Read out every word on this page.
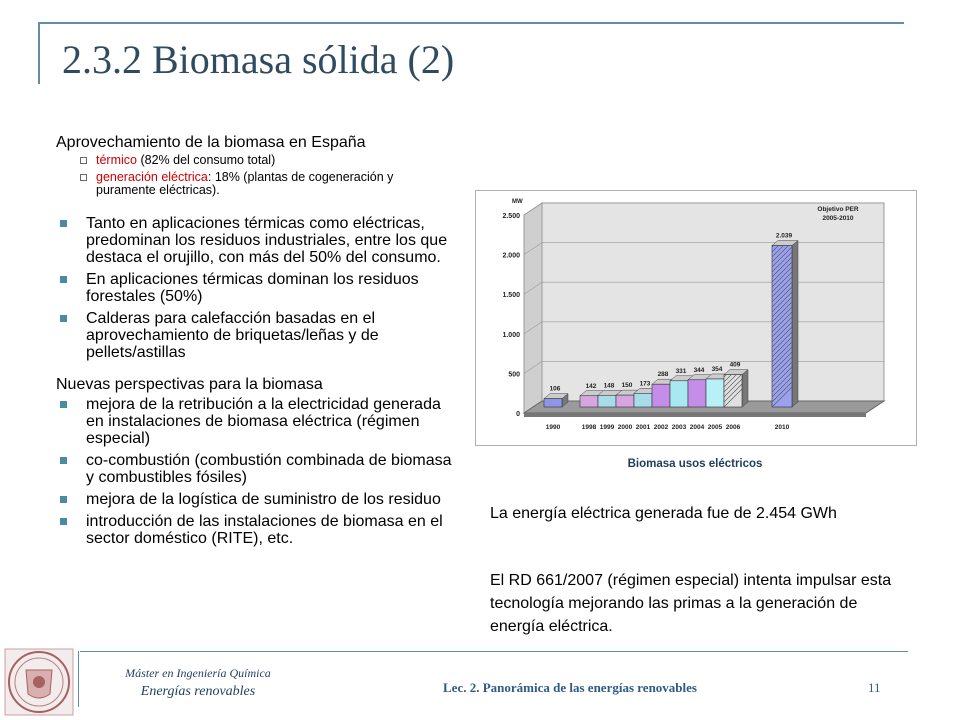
2.3.2 Biomasa sólida (2)
Aprovechamiento de la biomasa en España
térmico (82% del consumo total)
generación eléctrica: 18% (plantas de cogeneración y puramente eléctricas).
Tanto en aplicaciones térmicas como eléctricas, predominan los residuos industriales, entre los que destaca el orujillo, con más del 50% del consumo.
En aplicaciones térmicas dominan los residuos forestales (50%)
Calderas para calefacción basadas en el aprovechamiento de briquetas/leñas y de pellets/astillas
Nuevas perspectivas para la biomasa
mejora de la retribución a la electricidad generada en instalaciones de biomasa eléctrica (régimen especial)
co-combustión (combustión combinada de biomasa y combustibles fósiles)
mejora de la logística de suministro de los residuo
introducción de las instalaciones de biomasa en el sector doméstico (RITE), etc.
0
500
1.000
1.500
2.000
2.500
MW
106
1990
142
1998
148
1999
150
2000
173
2001
288
2002
331
2003
344
2004
354
2005
409
2006
2.039
2010
Objetivo PER
2005-2010
Biomasa usos eléctricos
La energía eléctrica generada fue de 2.454 GWh
El RD 661/2007 (régimen especial) intenta impulsar esta tecnología mejorando las primas a la generación de energía eléctrica.
Máster en Ingeniería Química
Energías renovables	Lec. 2. Panorámica de las energías renovables	11
